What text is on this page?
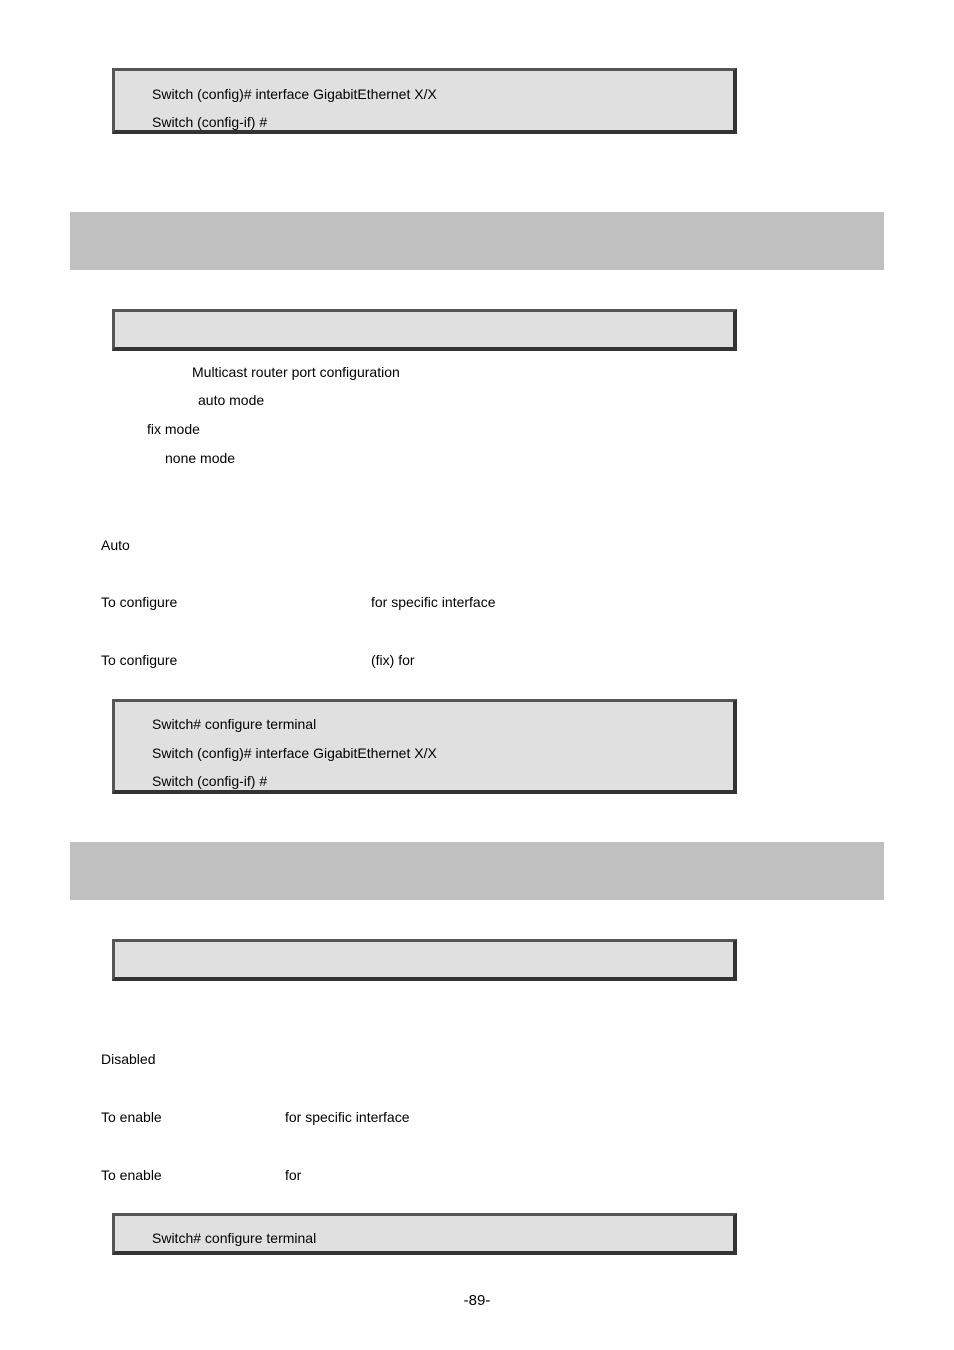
Switch (config)# interface GigabitEthernet X/X
Switch (config-if) #
Multicast router port configuration
auto mode
fix mode
none mode
Auto
To configure	for specific interface
To configure	(fix) for
Switch# configure terminal
Switch (config)# interface GigabitEthernet X/X
Switch (config-if) #
Disabled
To enable	for specific interface
To enable	for
Switch# configure terminal
-89-
